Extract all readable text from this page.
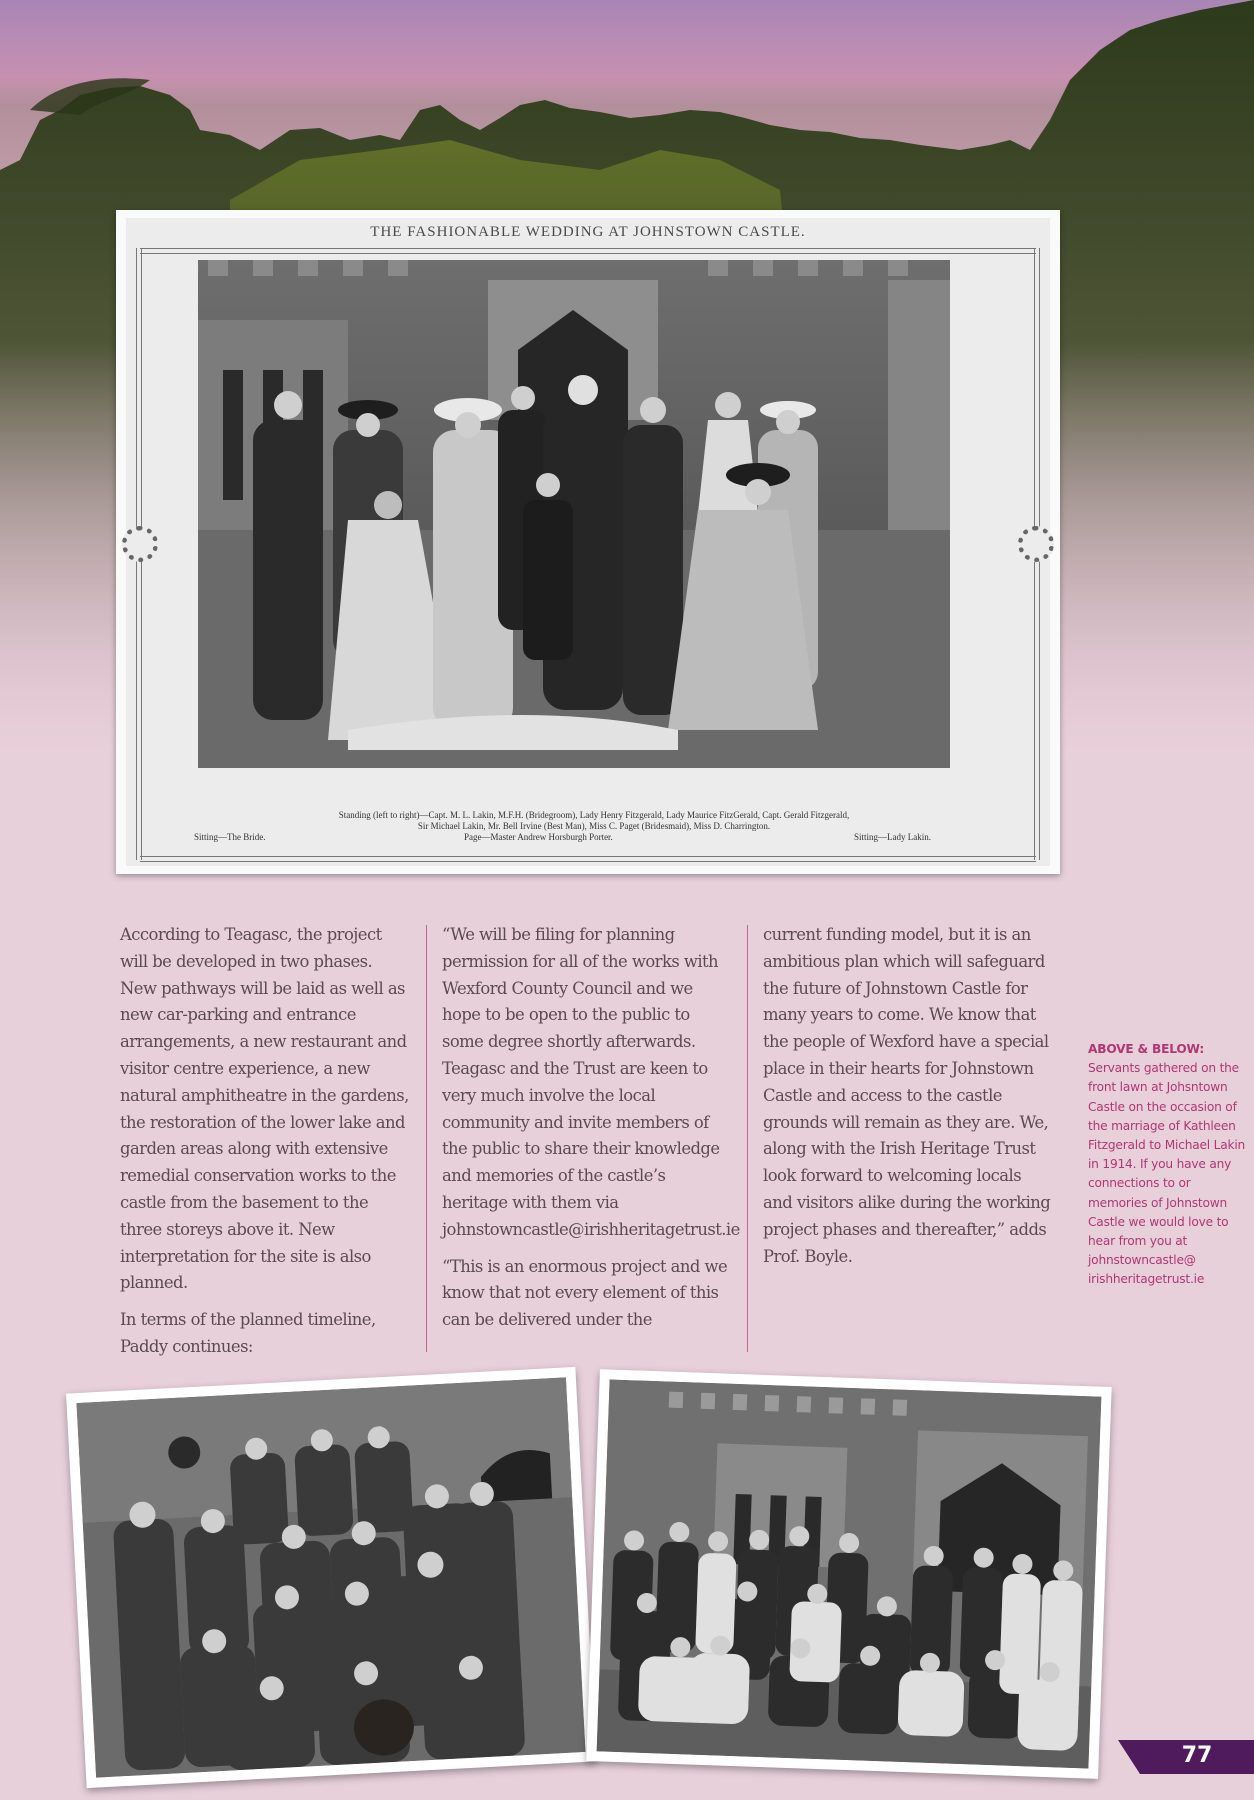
THE FASHIONABLE WEDDING AT JOHNSTOWN CASTLE.
Standing (left to right)—Capt. M. L. Lakin, M.F.H. (Bridegroom), Lady Henry Fitzgerald, Lady Maurice FitzGerald, Capt. Gerald Fitzgerald,
Sir Michael Lakin, Mr. Bell Irvine (Best Man), Miss C. Paget (Bridesmaid), Miss D. Charrington.
Sitting—The Bride.	Page—Master Andrew Horsburgh Porter.	Sitting—Lady Lakin.

According to Teagasc, the project will be developed in two phases. New pathways will be laid as well as new car-parking and entrance arrangements, a new restaurant and visitor centre experience, a new natural amphitheatre in the gardens, the restoration of the lower lake and garden areas along with extensive remedial conservation works to the castle from the basement to the three storeys above it. New interpretation for the site is also planned.

In terms of the planned timeline, Paddy continues:

“We will be filing for planning permission for all of the works with Wexford County Council and we hope to be open to the public to some degree shortly afterwards. Teagasc and the Trust are keen to very much involve the local community and invite members of the public to share their knowledge and memories of the castle’s heritage with them via johnstowncastle@irishheritagetrust.ie

“This is an enormous project and we know that not every element of this can be delivered under the

current funding model, but it is an ambitious plan which will safeguard the future of Johnstown Castle for many years to come. We know that the people of Wexford have a special place in their hearts for Johnstown Castle and access to the castle grounds will remain as they are. We, along with the Irish Heritage Trust look forward to welcoming locals and visitors alike during the working project phases and thereafter,” adds Prof. Boyle.

ABOVE & BELOW: Servants gathered on the front lawn at Johsntown Castle on the occasion of the marriage of Kathleen Fitzgerald to Michael Lakin in 1914. If you have any connections to or memories of Johnstown Castle we would love to hear from you at johnstowncastle@ irishheritagetrust.ie
77
